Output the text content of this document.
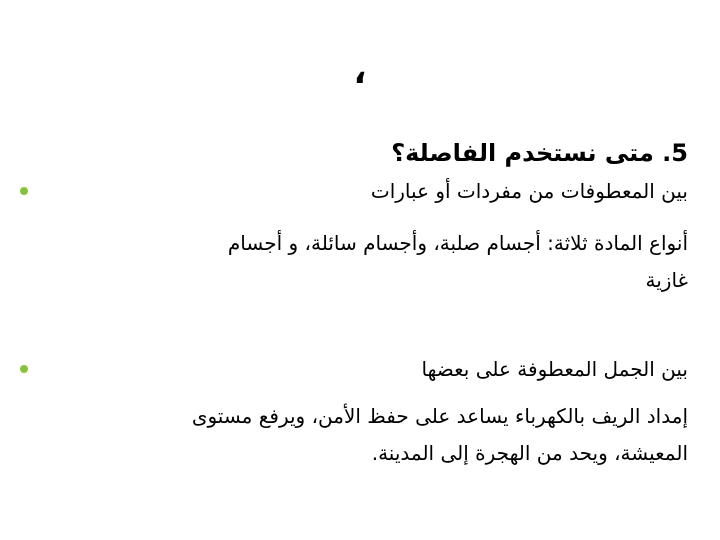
،
5. متى نستخدم الفاصلة؟
بين المعطوفات من مفردات أو عبارات
أنواع المادة ثلاثة: أجسام صلبة، وأجسام سائلة، و أجسام
غازية
بين الجمل المعطوفة على بعضها
إمداد الريف بالكهرباء يساعد على حفظ الأمن، ويرفع مستوى
المعيشة، ويحد من الهجرة إلى المدينة.
